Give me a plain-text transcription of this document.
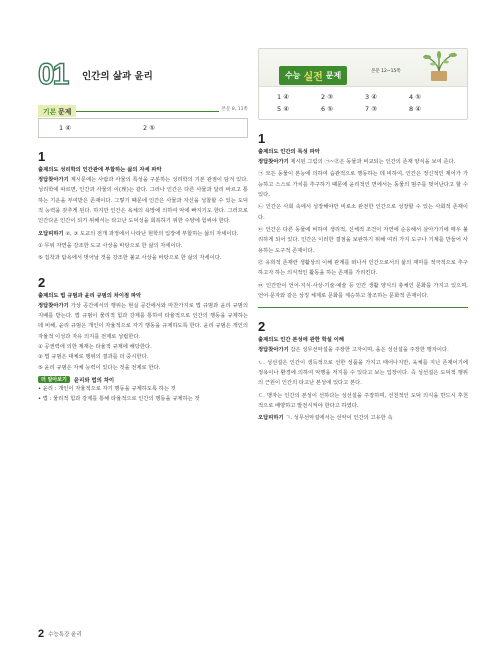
01	인간의 삶과 윤리
기본 문제	본문 8, 11쪽
1 ④	2 ⑤
1
출제의도 성리학의 인간관에 부합하는 삶의 자세 파악

정답찾아가기 제시문에는 사람과 사물의 특성을 구분하는 성리학의 기본 관점이 담겨 있다. 성리학에 따르면, 인간과 사물의 이(理)는 같다. 그러나 인간은 다른 사물과 달리 바르고 통하는 기운을 부여받은 존재이다. 그렇기 때문에 인간은 사물과 자신을 성찰할 수 있는 도덕적 능력을 갖추게 된다. 하지만 인간은 욕체의 욕망에 의하여 악에 빠지기도 한다. 그러므로 인간다운 인간이 되기 위해서는 타고난 도덕성을 회복하기 위한 수양에 힘써야 한다.

오답피하기 ②, ③ 도교의 전개 과정에서 나타난 현학의 입장에 부합하는 삶의 자세이다.

① 무위 자연을 강조한 도교 사상을 바탕으로 한 삶의 자세이다.

⑤ 집착과 탐욕에서 벗어날 것을 강조한 불교 사상을 바탕으로 한 삶의 자세이다.

2
출제의도 법 규범과 윤리 규범의 차이점 파악

정답찾아가기 가상 공간에서의 행위는 현실 공간에서와 마찬가지로 법 규범과 윤리 규범의 지배를 받는다. 법 규범이 물리적 힘과 강제를 통하여 타율적으로 인간의 행동을 규제하는 데 비해, 윤리 규범은 개인이 자율적으로 자기 행동을 규제하도록 한다. 윤리 규범은 개인의 자율적 이성과 자유 의지를 전제로 성립한다.

① 공권력에 의한 제재는 타율적 규제에 해당한다.
② 법 규범은 대체로 행위의 결과를 더 중시한다.
⑤ 윤리 규범은 자체 능력이 있다는 것을 전제로 한다.
더 알아보기	윤리와 법의 차이
• 윤리 : 개인이 자율적으로 자기 행동을 규제하도록 하는 것
• 법 : 물리적 힘과 강제를 통해 타율적으로 인간의 행동을 규제하는 것
수능 실전 문제	본문 12~15쪽
1 ④	2 ③	3 ④	4 ⑤
5 ④	6 ⑤	7 ③	8 ④
1
출제의도 인간의 특성 파악

정답찾아가기 제시된 그림의 ㉠~㉣은 동물과 비교되는 인간의 존재 양식을 보여 준다.

㉠ 모든 동물이 본능에 의하여 습관적으로 행동하는 데 비하여, 인간은 정신적인 제어가 가능하고 스스로 가치를 추구하기 때문에 윤리적인 면에서는 동물의 범주를 벗어난다고 할 수 있다.

㉡ 인간은 사회 속에서 성장해야만 비로소 완전한 인간으로 성장할 수 있는 사회적 존재이다.

㉢ 인간은 다른 동물에 비하여 생리적, 신체적 조건이 자연에 순응해서 살아가기에 매우 불리하게 되어 있다. 인간은 이러한 결점을 보완하기 위해 여러 가지 도구나 기계를 만들어 사용하는 도구적 존재이다.

㉣ 유희적 존재란 생활상의 이해 관계를 떠나서 인간으로서의 삶의 재미를 적극적으로 추구하고자 하는 의식적인 활동을 하는 존재를 가리킨다.

㉤ 인간만이 언어·지식·사상·기술·예술 등 인간 생활 양식의 총체인 문화를 가지고 있으며, 언어·문자와 같은 상징 체계로 문화를 계승하고 창조하는 문화적 존재이다.

2
출제의도 인간 본성에 관한 학설 이해

정답찾아가기 갑은 성무선악설을 주장한 고자이며, 을은 성선설을 주장한 맹자이다.

ㄴ. 성선설은 인간이 생득적으로 선한 성품을 가지고 태어나지만, 육체를 지닌 존재이기에 정욕이나 환경에 의하여 악행을 저지를 수 있다고 보는 입장이다. 즉 성선설은 도덕적 행위의 근원이 인간의 타고난 본성에 있다고 본다.

ㄷ. 맹자는 인간의 본성이 선하다는 성선설을 주장하며, 선천적인 도덕 의식을 반드시 후천적으로 배양하고 발전시켜야 한다고 하였다.

오답피하기 ㄱ. 성무선악설에서는 선악이 인간의 고유한 속

2 수능특강 윤리
